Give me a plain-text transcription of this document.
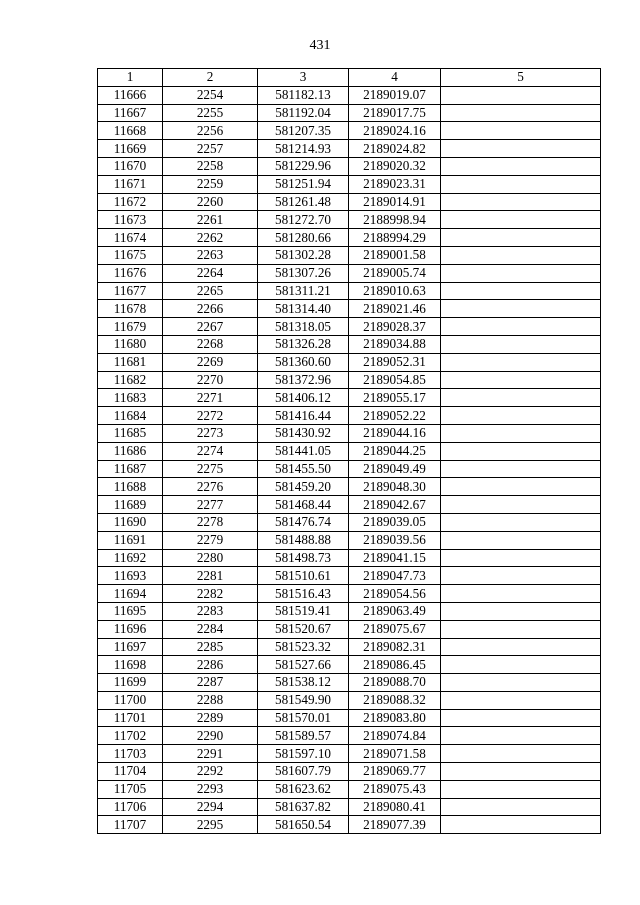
431
1	2	3	4	5
11666	2254	581182.13	2189019.07	
11667	2255	581192.04	2189017.75	
11668	2256	581207.35	2189024.16	
11669	2257	581214.93	2189024.82	
11670	2258	581229.96	2189020.32	
11671	2259	581251.94	2189023.31	
11672	2260	581261.48	2189014.91	
11673	2261	581272.70	2188998.94	
11674	2262	581280.66	2188994.29	
11675	2263	581302.28	2189001.58	
11676	2264	581307.26	2189005.74	
11677	2265	581311.21	2189010.63	
11678	2266	581314.40	2189021.46	
11679	2267	581318.05	2189028.37	
11680	2268	581326.28	2189034.88	
11681	2269	581360.60	2189052.31	
11682	2270	581372.96	2189054.85	
11683	2271	581406.12	2189055.17	
11684	2272	581416.44	2189052.22	
11685	2273	581430.92	2189044.16	
11686	2274	581441.05	2189044.25	
11687	2275	581455.50	2189049.49	
11688	2276	581459.20	2189048.30	
11689	2277	581468.44	2189042.67	
11690	2278	581476.74	2189039.05	
11691	2279	581488.88	2189039.56	
11692	2280	581498.73	2189041.15	
11693	2281	581510.61	2189047.73	
11694	2282	581516.43	2189054.56	
11695	2283	581519.41	2189063.49	
11696	2284	581520.67	2189075.67	
11697	2285	581523.32	2189082.31	
11698	2286	581527.66	2189086.45	
11699	2287	581538.12	2189088.70	
11700	2288	581549.90	2189088.32	
11701	2289	581570.01	2189083.80	
11702	2290	581589.57	2189074.84	
11703	2291	581597.10	2189071.58	
11704	2292	581607.79	2189069.77	
11705	2293	581623.62	2189075.43	
11706	2294	581637.82	2189080.41	
11707	2295	581650.54	2189077.39	
